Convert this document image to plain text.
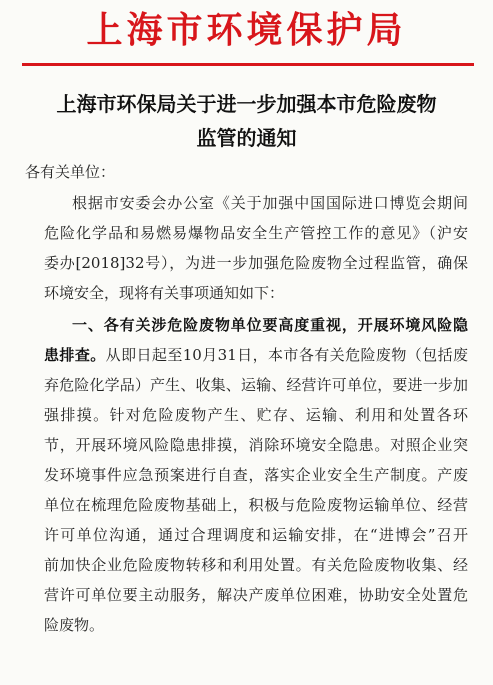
上海市环境保护局
上海市环保局关于进一步加强本市危险废物
监管的通知
各有关单位：
根据市安委会办公室《关于加强中国国际进口博览会期间
危险化学品和易燃易爆物品安全生产管控工作的意见》（沪安
委办[2018]32号），为进一步加强危险废物全过程监管，确保
环境安全，现将有关事项通知如下：
一、各有关涉危险废物单位要高度重视，开展环境风险隐
患排查。从即日起至10月31日，本市各有关危险废物（包括废
弃危险化学品）产生、收集、运输、经营许可单位，要进一步加
强排摸。针对危险废物产生、贮存、运输、利用和处置各环
节，开展环境风险隐患排摸，消除环境安全隐患。对照企业突
发环境事件应急预案进行自查，落实企业安全生产制度。产废
单位在梳理危险废物基础上，积极与危险废物运输单位、经营
许可单位沟通，通过合理调度和运输安排，在“进博会”召开
前加快企业危险废物转移和利用处置。有关危险废物收集、经
营许可单位要主动服务，解决产废单位困难，协助安全处置危
险废物。
